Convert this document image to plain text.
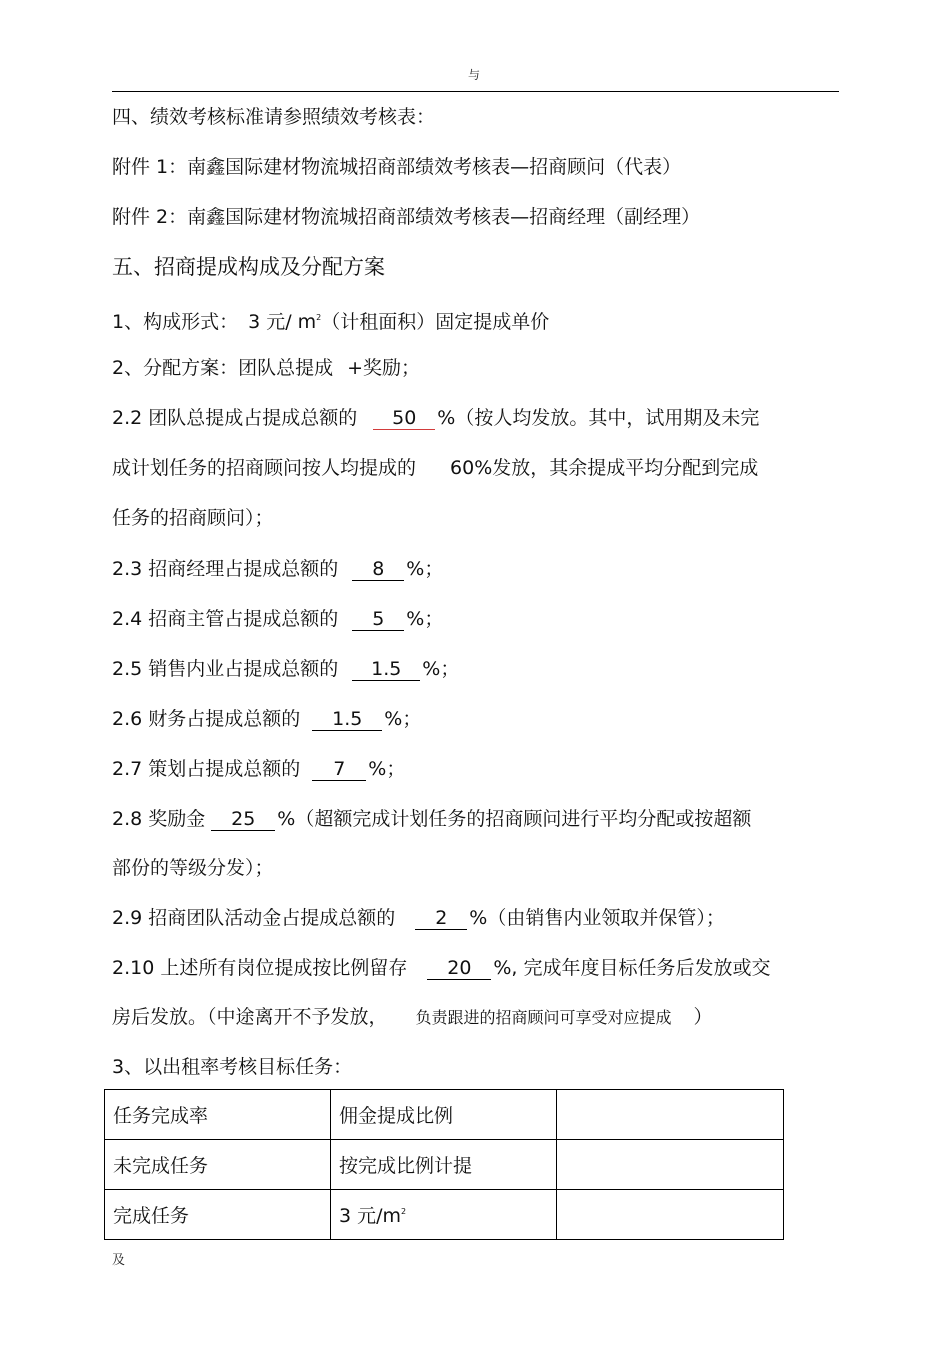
与
四、绩效考核标准请参照绩效考核表：
附件 1：南鑫国际建材物流城招商部绩效考核表—招商顾问（代表）
附件 2：南鑫国际建材物流城招商部绩效考核表—招商经理（副经理）
五、招商提成构成及分配方案
1、构成形式： 3 元/ $m^2$（计租面积）固定提成单价
2、分配方案：团队总提成 +奖励；
2.2 团队总提成占提成总额的 50 %（按人均发放。其中，试用期及未完
成计划任务的招商顾问按人均提成的 60%发放，其余提成平均分配到完成
任务的招商顾问）；
2.3 招商经理占提成总额的 8 %；
2.4 招商主管占提成总额的 5 %；
2.5 销售内业占提成总额的 1.5 %；
2.6 财务占提成总额的 1.5 %；
2.7 策划占提成总额的 7 %；
2.8 奖励金 25 %（超额完成计划任务的招商顾问进行平均分配或按超额
部份的等级分发）；
2.9 招商团队活动金占提成总额的 2 %（由销售内业领取并保管）；
2.10 上述所有岗位提成按比例留存 20 %, 完成年度目标任务后发放或交
房后发放。（中途离开不予发放， 负责跟进的招商顾问可享受对应提成 ）
3、以出租率考核目标任务：
任务完成率	佣金提成比例	
未完成任务	按完成比例计提	
完成任务	3 元$/m^2$	
及
